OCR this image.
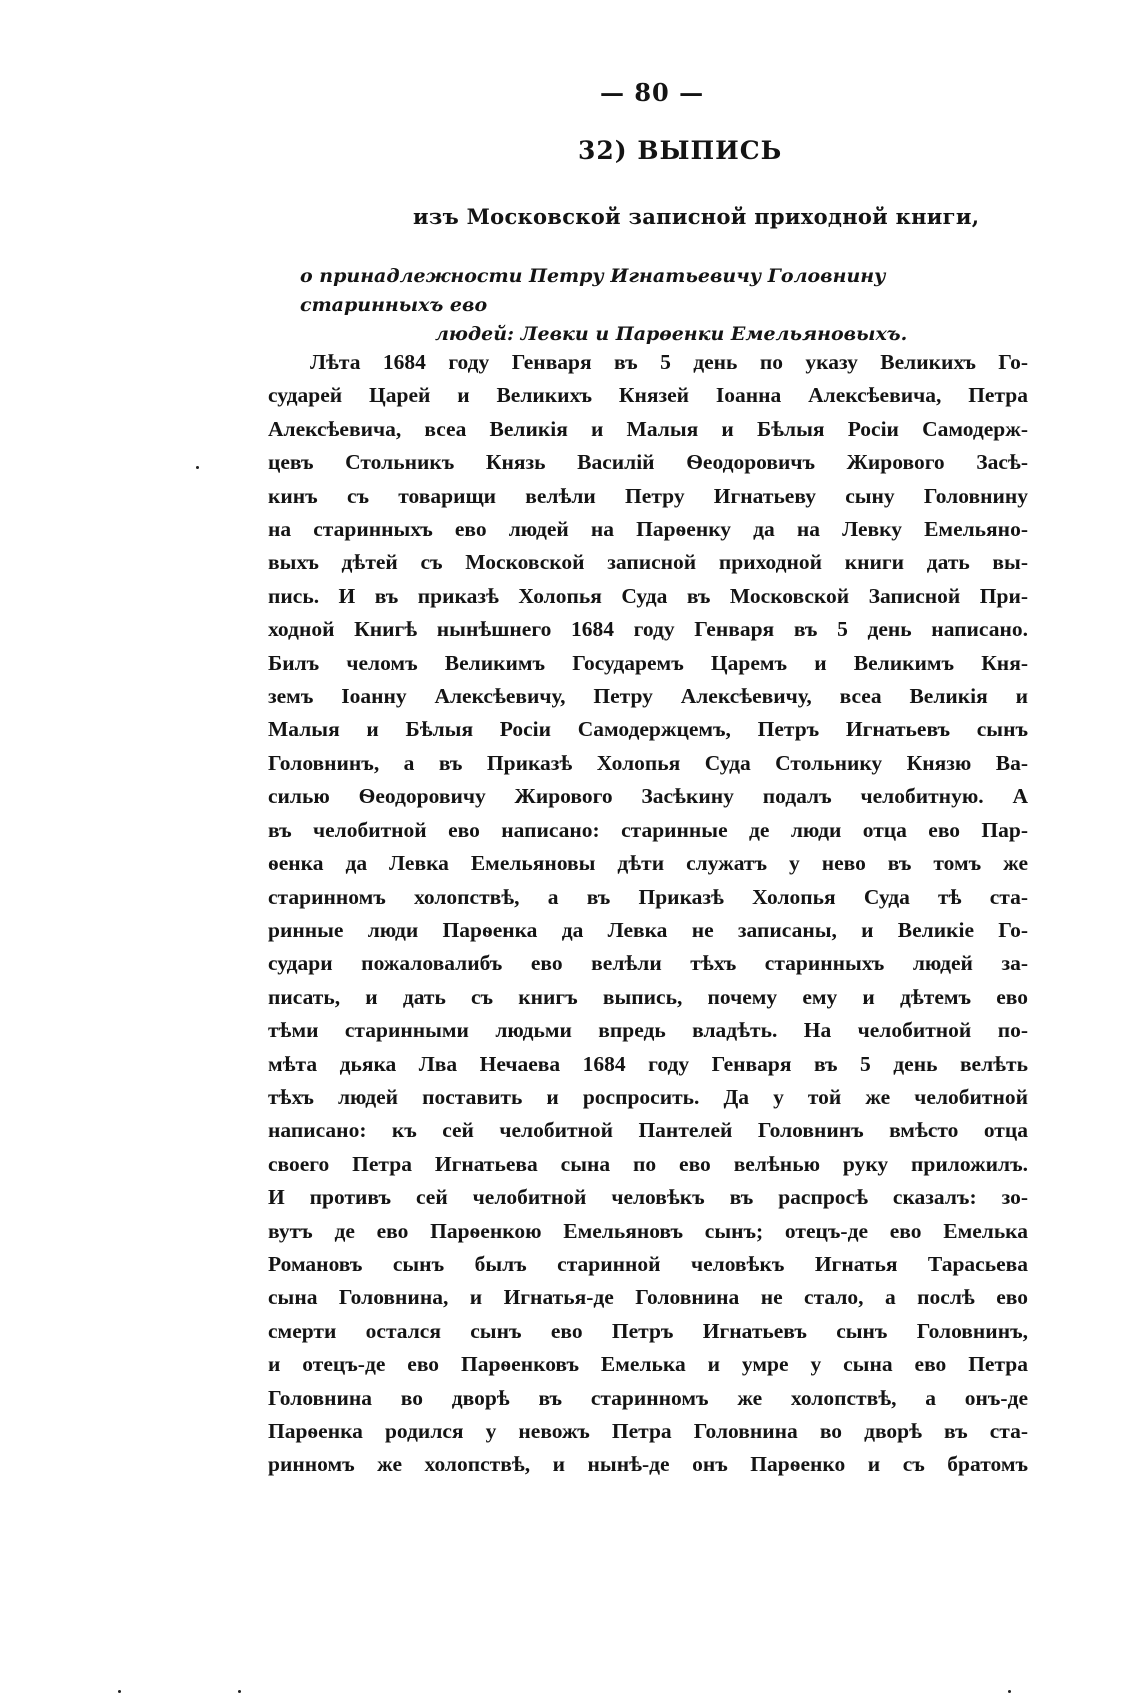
— 80 —
32) ВЫПИСЬ
изъ Московской записной приходной книги,
о принадлежности Петру Игнатьевичу Головнину старинныхъ ево
людей: Левки и Парѳенки Емельяновыхъ.
Лѣта 1684 году Генваря въ 5 день по указу Великихъ Го-
сударей Царей и Великихъ Князей Іоанна Алексѣевича, Петра
Алексѣевича, всеа Великія и Малыя и Бѣлыя Росіи Самодерж-
цевъ Стольникъ Князь Василій Ѳеодоровичъ Жирового Засѣ-
кинъ съ товарищи велѣли Петру Игнатьеву сыну Головнину
на старинныхъ ево людей на Парѳенку да на Левку Емельяно-
выхъ дѣтей съ Московской записной приходной книги дать вы-
пись. И въ приказѣ Холопья Суда въ Московской Записной При-
ходной Книгѣ нынѣшнего 1684 году Генваря въ 5 день написано.
Билъ челомъ Великимъ Государемъ Царемъ и Великимъ Кня-
земъ Іоанну Алексѣевичу, Петру Алексѣевичу, всеа Великія и
Малыя и Бѣлыя Росіи Самодержцемъ, Петръ Игнатьевъ сынъ
Головнинъ, а въ Приказѣ Холопья Суда Стольнику Князю Ва-
силью Ѳеодоровичу Жирового Засѣкину подалъ челобитную. А
въ челобитной ево написано: старинные де люди отца ево Пар-
ѳенка да Левка Емельяновы дѣти служатъ у нево въ томъ же
старинномъ холопствѣ, а въ Приказѣ Холопья Суда тѣ ста-
ринные люди Парѳенка да Левка не записаны, и Великіе Го-
судари пожаловалибъ ево велѣли тѣхъ старинныхъ людей за-
писать, и дать съ книгъ выпись, почему ему и дѣтемъ ево
тѣми старинными людьми впредь владѣть. На челобитной по-
мѣта дьяка Лва Нечаева 1684 году Генваря въ 5 день велѣть
тѣхъ людей поставить и роспросить. Да у той же челобитной
написано: къ сей челобитной Пантелей Головнинъ вмѣсто отца
своего Петра Игнатьева сына по ево велѣнью руку приложилъ.
И противъ сей челобитной человѣкъ въ распросѣ сказалъ: зо-
вутъ де ево Парѳенкою Емельяновъ сынъ; отецъ-де ево Емелька
Романовъ сынъ былъ старинной человѣкъ Игнатья Тарасьева
сына Головнина, и Игнатья-де Головнина не стало, а послѣ ево
смерти остался сынъ ево Петръ Игнатьевъ сынъ Головнинъ,
и отецъ-де ево Парѳенковъ Емелька и умре у сына ево Петра
Головнина во дворѣ въ старинномъ же холопствѣ, а онъ-де
Парѳенка родился у невожъ Петра Головнина во дворѣ въ ста-
ринномъ же холопствѣ, и нынѣ-де онъ Парѳенко и съ братомъ
